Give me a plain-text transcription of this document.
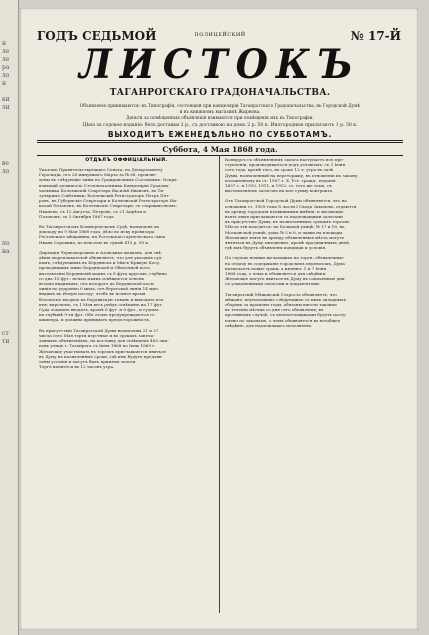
н
ле
ле
ра
ло
н
ки
ли
ве
ло
по
на
ст
ти
ГОДЪ СЕДЬМОЙ	ПОЛИЦЕЙСКИЙ	№ 17-Й
ЛИСТОКЪ
ТАГАНРОГСКАГО ГРАДОНАЧАЛЬСТВА.
Объявленія принимаются: въ Типографіи, состоящей при канцеляріи Таганрогскаго Градоначальства, въ Городской Думѣ
и въ книжномъ магазинѣ Жирнова.
Деньги за помѣщенныя объявленія взимаются при помѣщеніи ихъ въ Типографіи.
Цѣна за годовое изданіе: безъ доставки 2 р., съ доставкою на домъ 2 р. 50 к. Иногородные прилагаютъ 1 р. 50 к.
ВЫХОДИТЪ ЕЖЕНЕДѢЛЬНО ПО СУББОТАМЪ.
Суббота, 4 Мая 1868 года.
ОТДѢЛЪ ОФФИЦІАЛЬНЫЙ.
Указомъ Правительствующаго Сената, по Департаменту
Герольдіи, отъ 28 минувшаго Марта за № 68, произве-
дены въ слѣдующіе чины по Гражданскимъ Сословіямъ: Испра-
вляющій должность Столоначальника Канцеляріи Градона-
чальника Коллежскій Секретарь Василій Ивановъ, въ Ти-
тулярные Совѣтники; Коллежскій Регистраторъ Петръ Пет-
ровъ, въ Губернскіе Секретари и Коллежскій Регистраторъ Ни-
колай Потаповъ, въ Коллежскіе Секретари, съ старшинствомъ:
Ивановъ, съ 12 Августа, Петровъ, съ 21 Апрѣля и
Потаповъ, съ 3 Октября 1867 года.
Въ Таганрогскомъ Коммерческомъ Судѣ, назначенъ къ
докладу на 9 Мая 1868 года, дѣло по иску провизора
Ростовскаго мѣщанина, на Ростовскаго купеческаго сына
Ивана Сорокина, по векселю въ суммѣ 415 р. 50 к.
Дирекція Черноморскихъ и Азовскихъ маяковъ, для свѣ-
дѣнія мореплавателей объявляетъ, что для указанія суд-
намъ, слѣдующимъ въ Бердянскъ и Мысъ-Кривую Косу,
проходящимъ мимо Бердянской и Обиточной косъ,
выставлены Бердянскій маякъ съ 8 фута кругомъ, глубина
со дна 15 фут.: ночью маякъ освѣщается огнемъ
весьма видимымъ, отъ котораго до Бердянской косы
линія по ударенію 0 миль, отъ береговой линіи 14 мил.
видимъ въ Ясную погоду, чтобъ въ ночное время
безопасно входить въ Бердянскую гавань и выходить изъ
нея; впрочемъ, съ 1 Мая весь рейдъ освѣщенъ на 17 фут.
Суда лоцманъ вводятъ, кромѣ 6 фут. и 8 фут., и судамъ
на глубинѣ 9-ти фут. Объ этомъ предупреждаются гг.
шкипера, и должны принимать предосторожность.
Въ присутствіи Таганрогской Думы назначены 21 и 27
числа сего Мая торги изустные и въ срокахъ запеча-
танныхъ объявленіяхъ, на поставку для освѣщенія 400 лам-
повъ улицъ г. Таганрога съ Іюня 1868 по Іюнь 1869 г.
Желающіе участвовать въ торгахъ приглашаются явиться
въ Думу въ назначенные сроки, гдѣ имъ будутъ предъяв-
лены условія и могутъ быть приняты залоги.
Торгъ начнется въ 12 часовъ утра.
Конкурсъ съ объявленіемъ залога наступаетъ изъ пре-
ступленія, производящегося подъ условіемъ: съ 1 Іюня
сего года; кромѣ того, въ срокъ 12 ч. утра въ залѣ
Думы, назначенный на переторжку, въ отношеніи къ закону,
изложенному въ ст. 1907 т. X, Уст. гражд., изданія
1857 г. и 1910, 1911, и 1912. ст. того же тома, съ
выставленіемъ залоговъ на всю сумму контракта.
Отъ Таганрогской Городской Думы объявляется, что на
основаніи ст. 1909 тома X части I Свода Законовъ, отдаются
въ аренду городскія недвижимыя имѣнія, и желающіе
взять оныя приглашаются съ надлежащими залогами
въ присутствіе Думы, къ назначеннымъ срокамъ торговъ.
Мѣста эти находятся: на Большой улицѣ, № 17 и 18, на
Московской улицѣ, дома № 5 и 6, и лавки на площади.
Желающіе взять въ аренду объявленныя мѣста могутъ
являться въ Думу ежедневно, кромѣ праздничныхъ дней,
гдѣ имъ будутъ объявлены кондиціи и условія.
По случаю неявки желающихъ на торги, объявленные
на отдачу въ содержаніе городскихъ перевозокъ, Дума
назначаетъ новые сроки, а именно: 1 и 7 Іюня
1868 года, о чемъ и объявляется для свѣдѣнія.
Желающіе могутъ явиться въ Думу въ означенные дни
съ узаконенными залогами и документами.
Таганрогскій Мѣщанскій Староста объявляетъ, что
мѣщане, неуплатившіе слѣдующихъ съ нихъ окладныхъ
сборовъ за прошлые годы, обязаны внести таковые
въ теченіи мѣсяца со дня сего объявленія; въ
противномъ случаѣ, съ неплательщиками будетъ посту-
плено по законамъ, о чемъ объявляется во всеобщее
свѣдѣніе, для надлежащаго исполненія.
